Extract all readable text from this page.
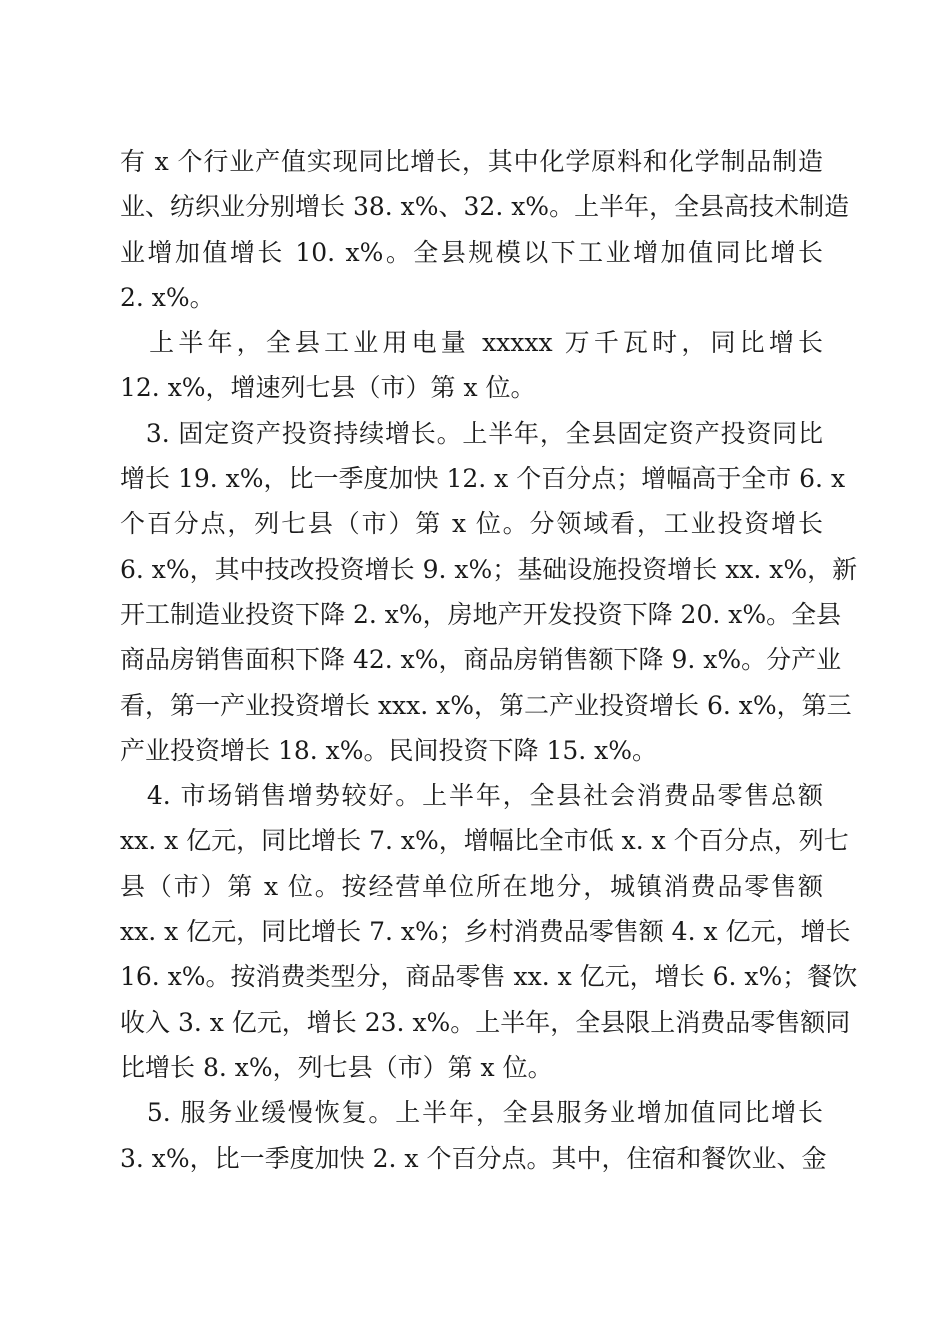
有 x 个行业产值实现同比增长，其中化学原料和化学制品制造
业、纺织业分别增长 38. x%、32. x%。上半年，全县高技术制造
业增加值增长 10. x%。全县规模以下工业增加值同比增长
2. x%。
　上半年，全县工业用电量 xxxxx 万千瓦时，同比增长
12. x%，增速列七县（市）第 x 位。
　3. 固定资产投资持续增长。上半年，全县固定资产投资同比
增长 19. x%，比一季度加快 12. x 个百分点；增幅高于全市 6. x
个百分点，列七县（市）第 x 位。分领域看，工业投资增长
6. x%，其中技改投资增长 9. x%；基础设施投资增长 xx. x%，新
开工制造业投资下降 2. x%，房地产开发投资下降 20. x%。全县
商品房销售面积下降 42. x%，商品房销售额下降 9. x%。分产业
看，第一产业投资增长 xxx. x%，第二产业投资增长 6. x%，第三
产业投资增长 18. x%。民间投资下降 15. x%。
　4. 市场销售增势较好。上半年，全县社会消费品零售总额
xx. x 亿元，同比增长 7. x%，增幅比全市低 x. x 个百分点，列七
县（市）第 x 位。按经营单位所在地分，城镇消费品零售额
xx. x 亿元，同比增长 7. x%；乡村消费品零售额 4. x 亿元，增长
16. x%。按消费类型分，商品零售 xx. x 亿元，增长 6. x%；餐饮
收入 3. x 亿元，增长 23. x%。上半年，全县限上消费品零售额同
比增长 8. x%，列七县（市）第 x 位。
　5. 服务业缓慢恢复。上半年，全县服务业增加值同比增长
3. x%，比一季度加快 2. x 个百分点。其中，住宿和餐饮业、金
